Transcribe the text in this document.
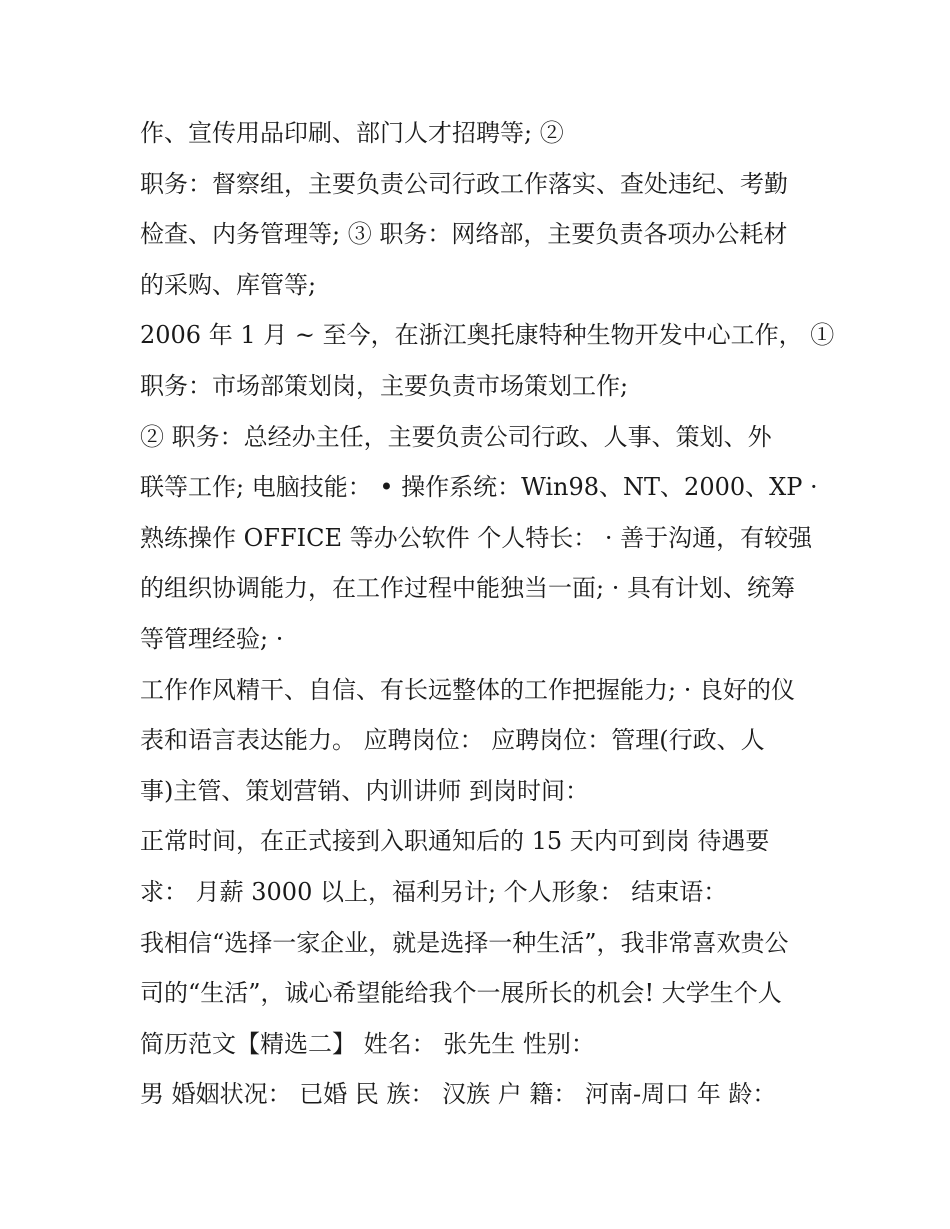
作、宣传用品印刷、部门人才招聘等; ②
职务：督察组，主要负责公司行政工作落实、查处违纪、考勤
检查、内务管理等; ③ 职务：网络部，主要负责各项办公耗材
的采购、库管等;
2006 年 1 月 ~ 至今，在浙江奥托康特种生物开发中心工作， ①
职务：市场部策划岗，主要负责市场策划工作;
② 职务：总经办主任，主要负责公司行政、人事、策划、外
联等工作; 电脑技能： • 操作系统：Win98、NT、2000、XP ·
熟练操作 OFFICE 等办公软件 个人特长： · 善于沟通，有较强
的组织协调能力，在工作过程中能独当一面; · 具有计划、统筹
等管理经验; ·
工作作风精干、自信、有长远整体的工作把握能力; · 良好的仪
表和语言表达能力。 应聘岗位： 应聘岗位：管理(行政、人
事)主管、策划营销、内训讲师 到岗时间：
正常时间，在正式接到入职通知后的 15 天内可到岗 待遇要
求： 月薪 3000 以上，福利另计; 个人形象： 结束语：
我相信“选择一家企业，就是选择一种生活”，我非常喜欢贵公
司的“生活”，诚心希望能给我个一展所长的机会! 大学生个人
简历范文【精选二】 姓名： 张先生 性别：
男 婚姻状况： 已婚 民 族： 汉族 户 籍： 河南-周口 年 龄：
